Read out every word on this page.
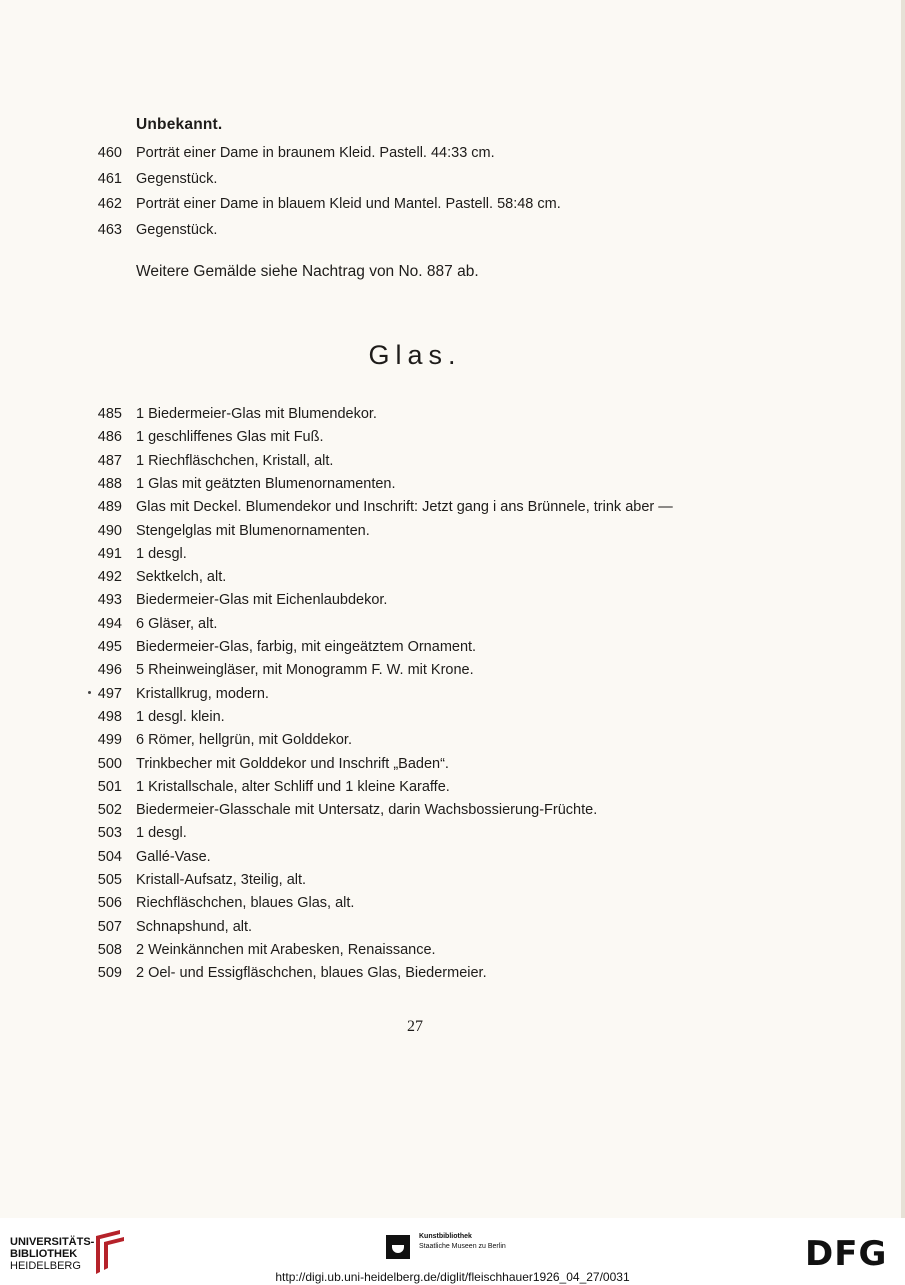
Unbekannt.
460 Porträt einer Dame in braunem Kleid. Pastell. 44:33 cm.
461 Gegenstück.
462 Porträt einer Dame in blauem Kleid und Mantel. Pastell. 58:48 cm.
463 Gegenstück.
Weitere Gemälde siehe Nachtrag von No. 887 ab.
Glas.
485 1 Biedermeier-Glas mit Blumendekor.
486 1 geschliffenes Glas mit Fuß.
487 1 Riechfläschchen, Kristall, alt.
488 1 Glas mit geätzten Blumenornamenten.
489 Glas mit Deckel. Blumendekor und Inschrift: Jetzt gang i ans Brünnele, trink aber —
490 Stengelglas mit Blumenornamenten.
491 1 desgl.
492 Sektkelch, alt.
493 Biedermeier-Glas mit Eichenlaubdekor.
494 6 Gläser, alt.
495 Biedermeier-Glas, farbig, mit eingeätztem Ornament.
496 5 Rheinweingläser, mit Monogramm F. W. mit Krone.
497 Kristallkrug, modern.
498 1 desgl. klein.
499 6 Römer, hellgrün, mit Golddekor.
500 Trinkbecher mit Golddekor und Inschrift „Baden“.
501 1 Kristallschale, alter Schliff und 1 kleine Karaffe.
502 Biedermeier-Glasschale mit Untersatz, darin Wachsbossierung-Früchte.
503 1 desgl.
504 Gallé-Vase.
505 Kristall-Aufsatz, 3teilig, alt.
506 Riechfläschchen, blaues Glas, alt.
507 Schnapshund, alt.
508 2 Weinkännchen mit Arabesken, Renaissance.
509 2 Oel- und Essigfläschchen, blaues Glas, Biedermeier.
27
UNIVERSITÄTS-
BIBLIOTHEK
HEIDELBERG
Kunstbibliothek
Staatliche Museen zu Berlin	DFG
http://digi.ub.uni-heidelberg.de/diglit/fleischhauer1926_04_27/0031
